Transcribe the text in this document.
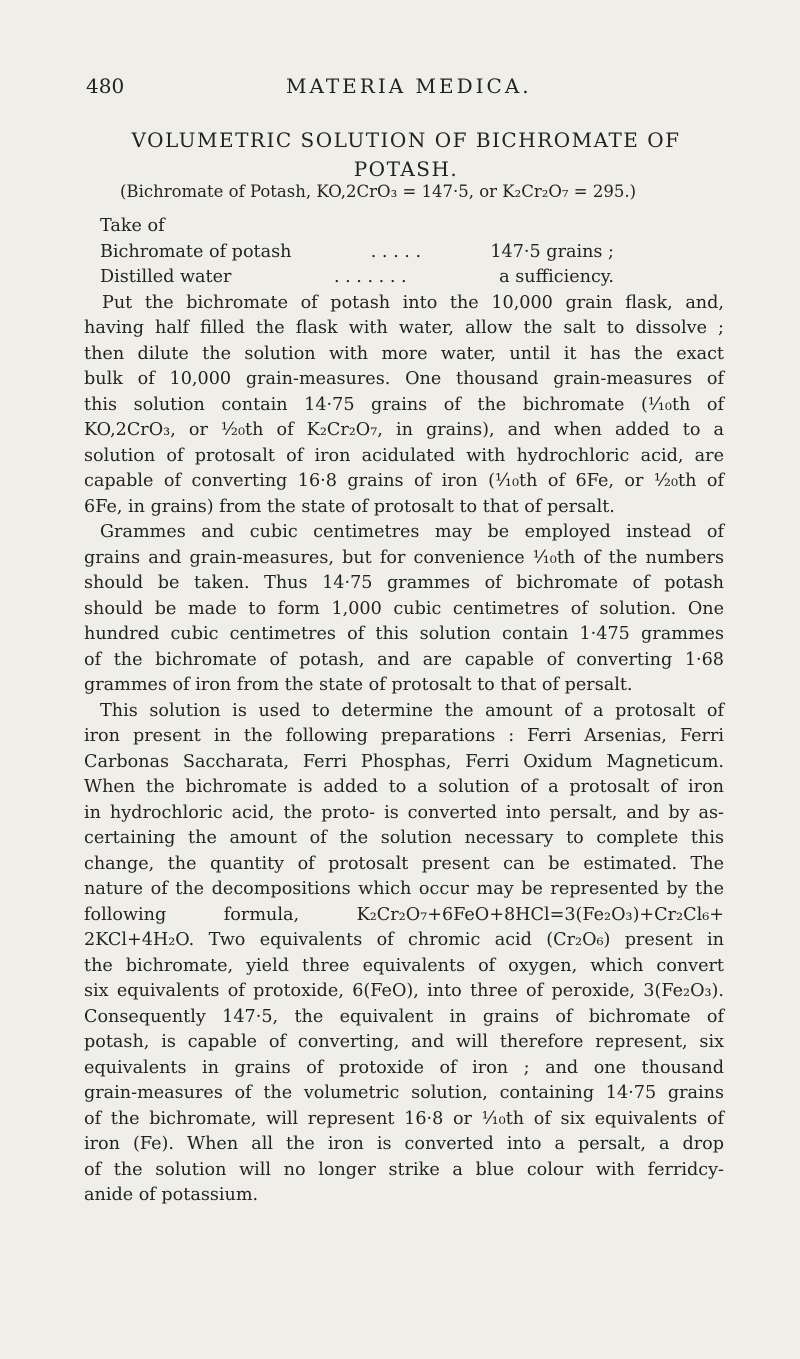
480	MATERIA MEDICA.
VOLUMETRIC SOLUTION OF BICHROMATE OF
POTASH.
(Bichromate of Potash, KO,2CrO₃ = 147·5, or K₂Cr₂O₇ = 295.)
Take of
Bichromate of potash	. . . . .	147·5 grains ;
Distilled water	. . . . . . .	a sufficiency.
Put the bichromate of potash into the 10,000 grain flask, and,
having half filled the flask with water, allow the salt to dissolve ;
then dilute the solution with more water, until it has the exact
bulk of 10,000 grain-measures. One thousand grain-measures of
this solution contain 14·75 grains of the bichromate (¹⁄₁₀th of
KO,2CrO₃, or ¹⁄₂₀th of K₂Cr₂O₇, in grains), and when added to a
solution of protosalt of iron acidulated with hydrochloric acid, are
capable of converting 16·8 grains of iron (¹⁄₁₀th of 6Fe, or ¹⁄₂₀th of
6Fe, in grains) from the state of protosalt to that of persalt.
Grammes and cubic centimetres may be employed instead of
grains and grain-measures, but for convenience ¹⁄₁₀th of the numbers
should be taken. Thus 14·75 grammes of bichromate of potash
should be made to form 1,000 cubic centimetres of solution. One
hundred cubic centimetres of this solution contain 1·475 grammes
of the bichromate of potash, and are capable of converting 1·68
grammes of iron from the state of protosalt to that of persalt.
This solution is used to determine the amount of a protosalt of
iron present in the following preparations : Ferri Arsenias, Ferri
Carbonas Saccharata, Ferri Phosphas, Ferri Oxidum Magneticum.
When the bichromate is added to a solution of a protosalt of iron
in hydrochloric acid, the proto- is converted into persalt, and by as-
certaining the amount of the solution necessary to complete this
change, the quantity of protosalt present can be estimated. The
nature of the decompositions which occur may be represented by the
following formula, K₂Cr₂O₇+6FeO+8HCl=3(Fe₂O₃)+Cr₂Cl₆+
2KCl+4H₂O. Two equivalents of chromic acid (Cr₂O₆) present in
the bichromate, yield three equivalents of oxygen, which convert
six equivalents of protoxide, 6(FeO), into three of peroxide, 3(Fe₂O₃).
Consequently 147·5, the equivalent in grains of bichromate of
potash, is capable of converting, and will therefore represent, six
equivalents in grains of protoxide of iron ; and one thousand
grain-measures of the volumetric solution, containing 14·75 grains
of the bichromate, will represent 16·8 or ¹⁄₁₀th of six equivalents of
iron (Fe). When all the iron is converted into a persalt, a drop
of the solution will no longer strike a blue colour with ferridcy-
anide of potassium.
